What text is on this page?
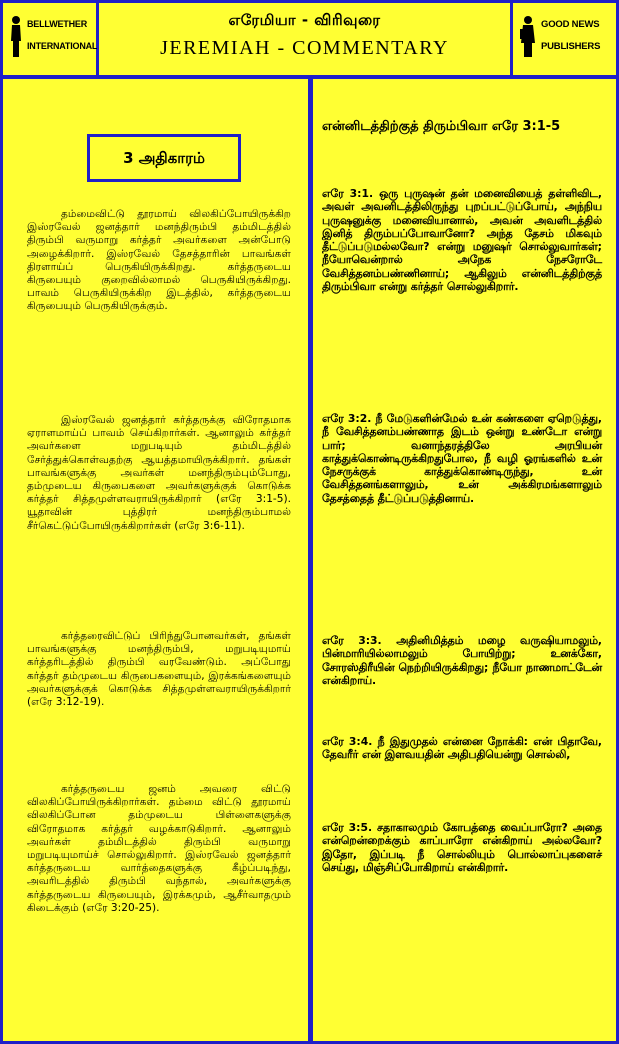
BELLWETHER
INTERNATIONAL
எரேமியா - விரிவுரை
JEREMIAH - COMMENTARY
GOOD NEWS
PUBLISHERS
3 அதிகாரம்

தம்மைவிட்டு தூரமாய் விலகிப்போயிருக்கிற இஸ்ரவேல் ஜனத்தார் மனந்திரும்பி தம்மிடத்தில் திரும்பி வருமாறு கர்த்தர் அவர்களை அன்போடு அழைக்கிறார். இஸ்ரவேல் தேசத்தாரின் பாவங்கள் திரளாய்ப் பெருகியிருக்கிறது. கர்த்தருடைய கிருபையும் குறைவில்லாமல் பெருகியிருக்கிறது. பாவம் பெருகியிருக்கிற இடத்தில், கர்த்தருடைய கிருபையும் பெருகியிருக்கும்.

இஸ்ரவேல் ஜனத்தார் கர்த்தருக்கு விரோதமாக ஏராளமாய்ப் பாவம் செய்கிறார்கள். ஆனாலும் கர்த்தர் அவர்களை மறுபடியும் தம்மிடத்தில் சேர்த்துக்கொள்வதற்கு ஆயத்தமாயிருக்கிறார். தங்கள் பாவங்களுக்கு அவர்கள் மனந்திரும்பும்போது, தம்முடைய கிருபைகளை அவர்களுக்குக் கொடுக்க கர்த்தர் சித்தமுள்ளவராயிருக்கிறார் (எரே 3:1-5). யூதாவின் புத்திரர் மனந்திரும்பாமல் சீர்கெட்டுப்போயிருக்கிறார்கள் (எரே 3:6-11).

கர்த்தரைவிட்டுப் பிரிந்துபோனவர்கள், தங்கள் பாவங்களுக்கு மனந்திரும்பி, மறுபடியுமாய் கர்த்தரிடத்தில் திரும்பி வரவேண்டும். அப்போது கர்த்தர் தம்முடைய கிருபைகளையும், இரக்கங்களையும் அவர்களுக்குக் கொடுக்க சித்தமுள்ளவராயிருக்கிறார் (எரே 3:12-19).

கர்த்தருடைய ஜனம் அவரை விட்டு விலகிப்போயிருக்கிறார்கள். தம்மை விட்டு தூரமாய் விலகிப்போன தம்முடைய பிள்ளைகளுக்கு விரோதமாக கர்த்தர் வழக்காடுகிறார். ஆனாலும் அவர்கள் தம்மிடத்தில் திரும்பி வருமாறு மறுபடியுமாய்ச் சொல்லுகிறார். இஸ்ரவேல் ஜனத்தார் கர்த்தருடைய வார்த்தைகளுக்கு கீழ்ப்படிந்து, அவரிடத்தில் திரும்பி வந்தால், அவர்களுக்கு கர்த்தருடைய கிருபையும், இரக்கமும், ஆசீர்வாதமும் கிடைக்கும் (எரே 3:20-25).

என்னிடத்திற்குத் திரும்பிவா எரே 3:1-5

எரே 3:1. ஒரு புருஷன் தன் மனைவியைத் தள்ளிவிட, அவள் அவனிடத்திலிருந்து புறப்பட்டுப்போய், அந்நிய புருஷனுக்கு மனைவியானால், அவன் அவளிடத்தில் இனித் திரும்பப்போவானோ? அந்த தேசம் மிகவும் தீட்டுப்படுமல்லவோ? என்று மனுஷர் சொல்லுவார்கள்; நீயோவென்றால் அநேக நேசரோடே வேசித்தனம்பண்ணினாய்; ஆகிலும் என்னிடத்திற்குத் திரும்பிவா என்று கர்த்தர் சொல்லுகிறார்.

எரே 3:2. நீ மேடுகளின்மேல் உன் கண்களை ஏறெடுத்து, நீ வேசித்தனம்பண்ணாத இடம் ஒன்று உண்டோ என்று பார்; வனாந்தரத்திலே அரபியன் காத்துக்கொண்டிருக்கிறதுபோல, நீ வழி ஓரங்களில் உன் நேசருக்குக் காத்துக்கொண்டிருந்து, உன் வேசித்தனங்களாலும், உன் அக்கிரமங்களாலும் தேசத்தைத் தீட்டுப்படுத்தினாய்.

எரே 3:3. அதினிமித்தம் மழை வருஷியாமலும், பின்மாரியில்லாமலும் போயிற்று; உனக்கோ, சோரஸ்திரீயின் நெற்றியிருக்கிறது; நீயோ நாணமாட்டேன் என்கிறாய்.

எரே 3:4. நீ இதுமுதல் என்னை நோக்கி: என் பிதாவே, தேவரீர் என் இளவயதின் அதிபதியென்று சொல்லி,

எரே 3:5. சதாகாலமும் கோபத்தை வைப்பாரோ? அதை என்றென்றைக்கும் காப்பாரோ என்கிறாய் அல்லவோ? இதோ, இப்படி நீ சொல்லியும் பொல்லாப்புகளைச் செய்து, மிஞ்சிப்போகிறாய் என்கிறார்.
